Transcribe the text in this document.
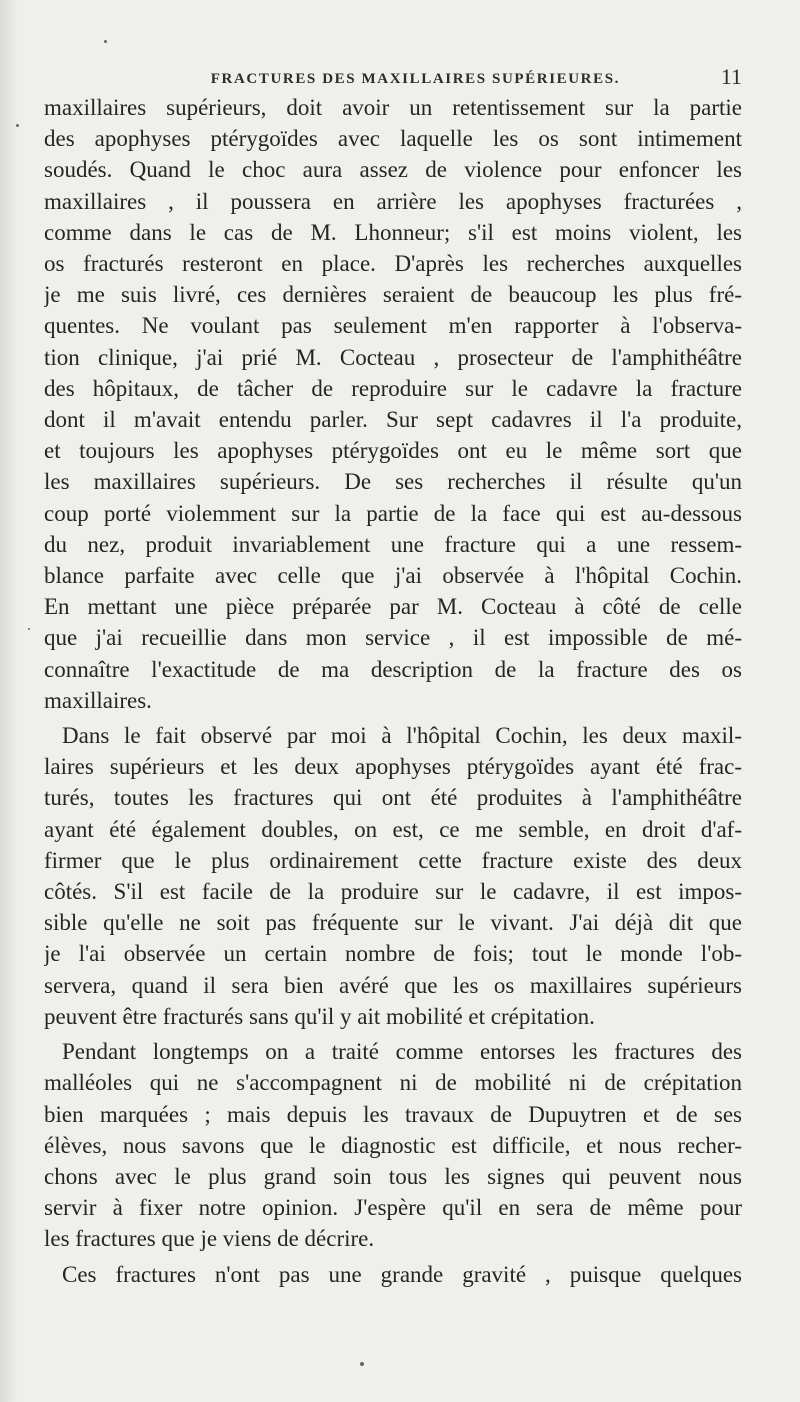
FRACTURES DES MAXILLAIRES SUPÉRIEURES.	11
maxillaires supérieurs, doit avoir un retentissement sur la partie
des apophyses ptérygoïdes avec laquelle les os sont intimement
soudés. Quand le choc aura assez de violence pour enfoncer les
maxillaires , il poussera en arrière les apophyses fracturées ,
comme dans le cas de M. Lhonneur; s'il est moins violent, les
os fracturés resteront en place. D'après les recherches auxquelles
je me suis livré, ces dernières seraient de beaucoup les plus fré-
quentes. Ne voulant pas seulement m'en rapporter à l'observa-
tion clinique, j'ai prié M. Cocteau , prosecteur de l'amphithéâtre
des hôpitaux, de tâcher de reproduire sur le cadavre la fracture
dont il m'avait entendu parler. Sur sept cadavres il l'a produite,
et toujours les apophyses ptérygoïdes ont eu le même sort que
les maxillaires supérieurs. De ses recherches il résulte qu'un
coup porté violemment sur la partie de la face qui est au-dessous
du nez, produit invariablement une fracture qui a une ressem-
blance parfaite avec celle que j'ai observée à l'hôpital Cochin.
En mettant une pièce préparée par M. Cocteau à côté de celle
que j'ai recueillie dans mon service , il est impossible de mé-
connaître l'exactitude de ma description de la fracture des os
maxillaires.
Dans le fait observé par moi à l'hôpital Cochin, les deux maxil-
laires supérieurs et les deux apophyses ptérygoïdes ayant été frac-
turés, toutes les fractures qui ont été produites à l'amphithéâtre
ayant été également doubles, on est, ce me semble, en droit d'af-
firmer que le plus ordinairement cette fracture existe des deux
côtés. S'il est facile de la produire sur le cadavre, il est impos-
sible qu'elle ne soit pas fréquente sur le vivant. J'ai déjà dit que
je l'ai observée un certain nombre de fois; tout le monde l'ob-
servera, quand il sera bien avéré que les os maxillaires supérieurs
peuvent être fracturés sans qu'il y ait mobilité et crépitation.
Pendant longtemps on a traité comme entorses les fractures des
malléoles qui ne s'accompagnent ni de mobilité ni de crépitation
bien marquées ; mais depuis les travaux de Dupuytren et de ses
élèves, nous savons que le diagnostic est difficile, et nous recher-
chons avec le plus grand soin tous les signes qui peuvent nous
servir à fixer notre opinion. J'espère qu'il en sera de même pour
les fractures que je viens de décrire.
Ces fractures n'ont pas une grande gravité , puisque quelques
